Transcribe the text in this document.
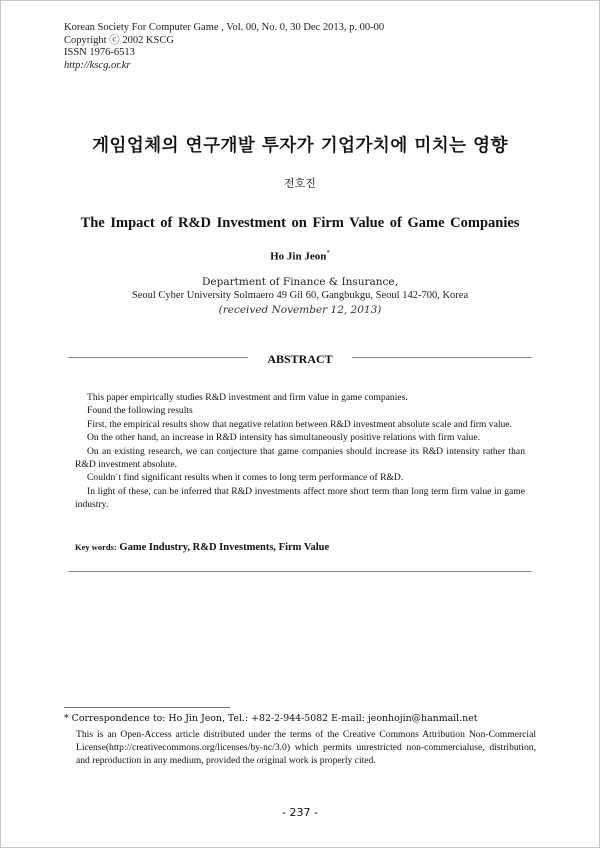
Korean Society For Computer Game , Vol. 00, No. 0, 30 Dec 2013, p. 00-00
Copyright ⓒ 2002 KSCG
ISSN 1976-6513
http://kscg.or.kr
게임업체의 연구개발 투자가 기업가치에 미치는 영향
전호진
The Impact of R&D Investment on Firm Value of Game Companies
Ho Jin Jeon*
Department of Finance & Insurance,
Seoul Cyber University Solmaero 49 Gil 60, Gangbukgu, Seoul 142-700, Korea
(received November 12, 2013)
ABSTRACT

This paper empirically studies R&D investment and firm value in game companies.

Found the following results

First, the empirical results show that negative relation between R&D investment absolute scale and firm value.

On the other hand, an increase in R&D intensity has simultaneously positive relations with firm value.

On an existing research, we can conjecture that game companies should increase its R&D intensity rather than R&D investment absolute.

Couldn´t find significant results when it comes to long term performance of R&D.

In light of these, can be inferred that R&D investments affect more short term than long term firm value in game industry.

Key words: Game Industry, R&D Investments, Firm Value
* Correspondence to: Ho Jin Jeon, Tel.: +82-2-944-5082 E-mail: jeonhojin@hanmail.net
This is an Open-Access article distributed under the terms of the Creative Commons Attribution Non-Commercial License(http://creativecommons.org/licenses/by-nc/3.0) which permits unrestricted non-commercialuse, distribution, and reproduction in any medium, provided the original work is properly cited.
- 237 -
